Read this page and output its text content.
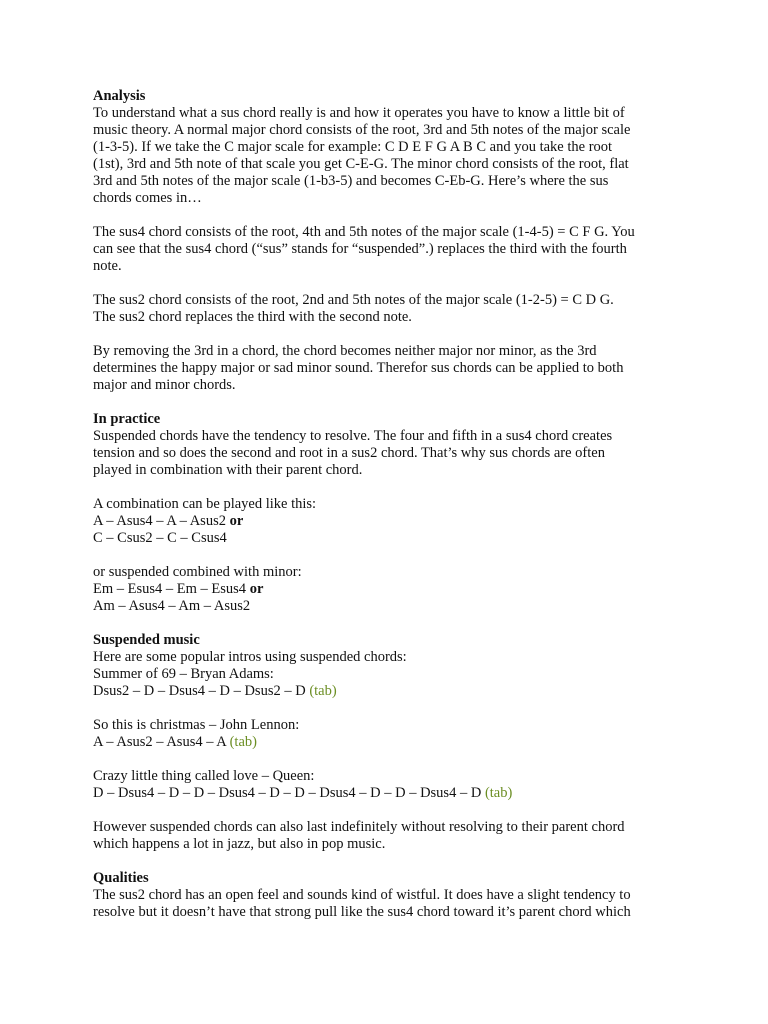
Analysis
To understand what a sus chord really is and how it operates you have to know a little bit of
music theory. A normal major chord consists of the root, 3rd and 5th notes of the major scale
(1-3-5). If we take the C major scale for example: C D E F G A B C and you take the root
(1st), 3rd and 5th note of that scale you get C-E-G. The minor chord consists of the root, flat
3rd and 5th notes of the major scale (1-b3-5) and becomes C-Eb-G. Here’s where the sus
chords comes in…
The sus4 chord consists of the root, 4th and 5th notes of the major scale (1-4-5) = C F G. You
can see that the sus4 chord (“sus” stands for “suspended”.) replaces the third with the fourth
note.
The sus2 chord consists of the root, 2nd and 5th notes of the major scale (1-2-5) = C D G.
The sus2 chord replaces the third with the second note.
By removing the 3rd in a chord, the chord becomes neither major nor minor, as the 3rd
determines the happy major or sad minor sound. Therefor sus chords can be applied to both
major and minor chords.
In practice
Suspended chords have the tendency to resolve. The four and fifth in a sus4 chord creates
tension and so does the second and root in a sus2 chord. That’s why sus chords are often
played in combination with their parent chord.
A combination can be played like this:
A – Asus4 – A – Asus2 or
C – Csus2 – C – Csus4
or suspended combined with minor:
Em – Esus4 – Em – Esus4 or
Am – Asus4 – Am – Asus2
Suspended music
Here are some popular intros using suspended chords:
Summer of 69 – Bryan Adams:
Dsus2 – D – Dsus4 – D – Dsus2 – D (tab)
So this is christmas – John Lennon:
A – Asus2 – Asus4 – A (tab)
Crazy little thing called love – Queen:
D – Dsus4 – D – D – Dsus4 – D – D – Dsus4 – D – D – Dsus4 – D (tab)
However suspended chords can also last indefinitely without resolving to their parent chord
which happens a lot in jazz, but also in pop music.
Qualities
The sus2 chord has an open feel and sounds kind of wistful. It does have a slight tendency to
resolve but it doesn’t have that strong pull like the sus4 chord toward it’s parent chord which
